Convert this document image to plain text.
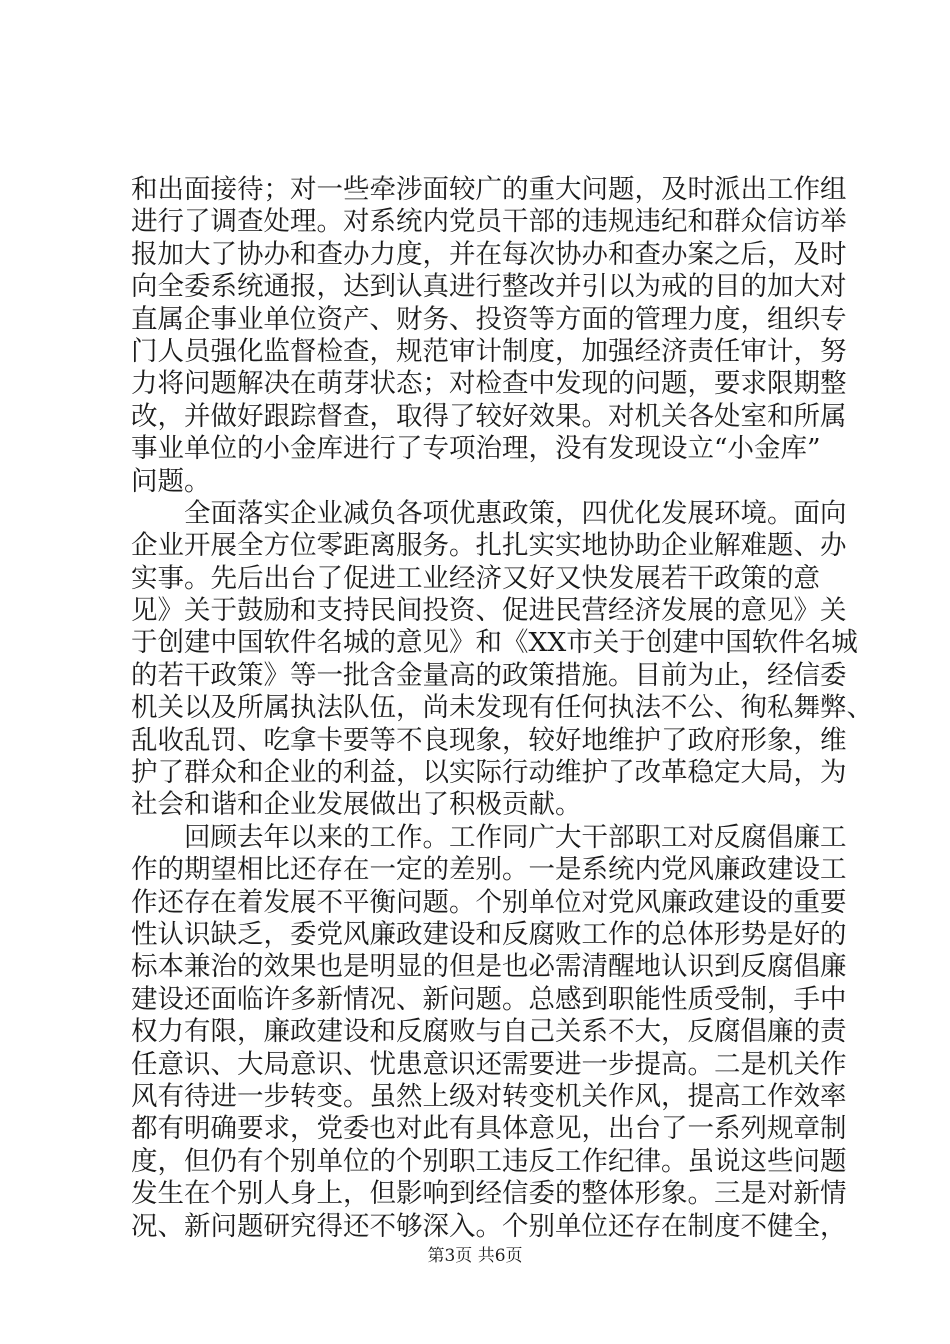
和出面接待；对一些牵涉面较广的重大问题，及时派出工作组
进行了调查处理。对系统内党员干部的违规违纪和群众信访举
报加大了协办和查办力度，并在每次协办和查办案之后，及时
向全委系统通报，达到认真进行整改并引以为戒的目的加大对
直属企事业单位资产、财务、投资等方面的管理力度，组织专
门人员强化监督检查，规范审计制度，加强经济责任审计，努
力将问题解决在萌芽状态；对检查中发现的问题，要求限期整
改，并做好跟踪督查，取得了较好效果。对机关各处室和所属
事业单位的小金库进行了专项治理，没有发现设立“小金库”
问题。
　　全面落实企业减负各项优惠政策，四优化发展环境。面向
企业开展全方位零距离服务。扎扎实实地协助企业解难题、办
实事。先后出台了促进工业经济又好又快发展若干政策的意
见》关于鼓励和支持民间投资、促进民营经济发展的意见》关
于创建中国软件名城的意见》和《XX市关于创建中国软件名城
的若干政策》等一批含金量高的政策措施。目前为止，经信委
机关以及所属执法队伍，尚未发现有任何执法不公、徇私舞弊、
乱收乱罚、吃拿卡要等不良现象，较好地维护了政府形象，维
护了群众和企业的利益，以实际行动维护了改革稳定大局，为
社会和谐和企业发展做出了积极贡献。
　　回顾去年以来的工作。工作同广大干部职工对反腐倡廉工
作的期望相比还存在一定的差别。一是系统内党风廉政建设工
作还存在着发展不平衡问题。个别单位对党风廉政建设的重要
性认识缺乏，委党风廉政建设和反腐败工作的总体形势是好的
标本兼治的效果也是明显的但是也必需清醒地认识到反腐倡廉
建设还面临许多新情况、新问题。总感到职能性质受制，手中
权力有限，廉政建设和反腐败与自己关系不大，反腐倡廉的责
任意识、大局意识、忧患意识还需要进一步提高。二是机关作
风有待进一步转变。虽然上级对转变机关作风，提高工作效率
都有明确要求，党委也对此有具体意见，出台了一系列规章制
度，但仍有个别单位的个别职工违反工作纪律。虽说这些问题
发生在个别人身上，但影响到经信委的整体形象。三是对新情
况、新问题研究得还不够深入。个别单位还存在制度不健全，
第3页 共6页
